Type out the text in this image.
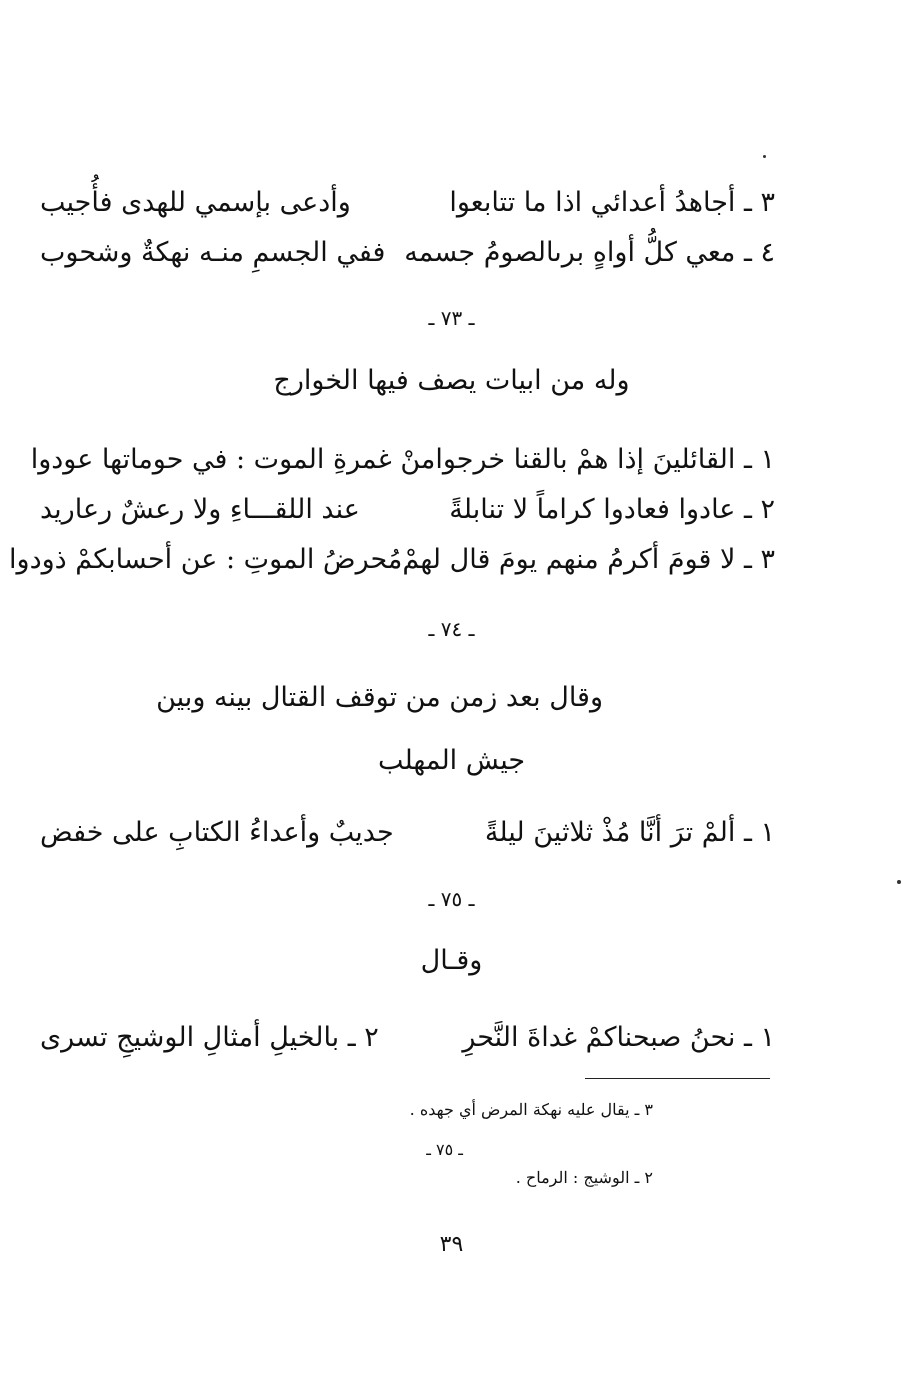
٣ ـ أجاهدُ أعدائي اذا ما تتابعوا
وأدعى بإسمي للهدى فأُجيب
٤ ـ معي كلُّ أواهٍ برىالصومُ جسمه
ففي الجسمِ منـه نهكةٌ وشحوب
ـ ٧٣ ـ
وله من ابيات يصف فيها الخوارج
١ ـ القائلينَ إذا همْ بالقنا خرجوا
منْ غمرةِ الموت : في حوماتها عودوا
٢ ـ عادوا فعادوا كراماً لا تنابلةً
عند اللقـــاءِ ولا رعشٌ رعاريد
٣ ـ لا قومَ أكرمُ منهم يومَ قال لهمْ
مُحرضُ الموتِ : عن أحسابكمْ ذودوا
ـ ٧٤ ـ
وقال بعد زمن من توقف القتال بينه وبين
جيش المهلب
١ ـ ألمْ ترَ أنَّا مُذْ ثلاثينَ ليلةً
جديبٌ وأعداءُ الكتابِ على خفض
ـ ٧٥ ـ
وقـال
١ ـ نحنُ صبحناكمْ غداةَ النَّحرِ
٢ ـ بالخيلِ أمثالِ الوشيجِ تسرى
٣ ـ يقال عليه نهكة المرض أي جهده .
ـ ٧٥ ـ
٢ ـ الوشيج : الرماح .
٣٩
